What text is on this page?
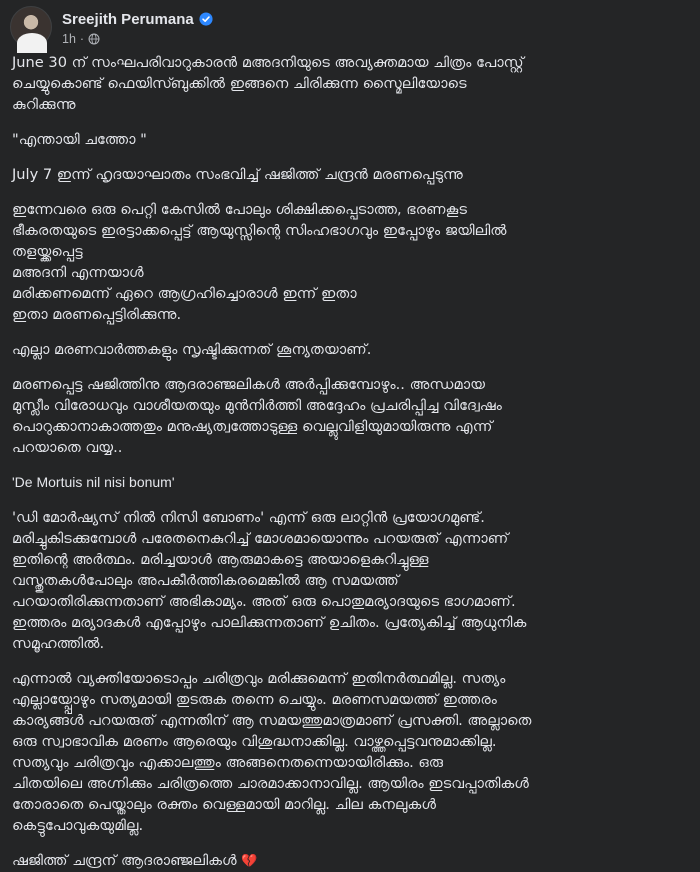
Sreejith Perumana
1h ·

June 30 ന് സംഘപരിവാറുകാരൻ മഅദനിയുടെ അവ്യക്തമായ ചിത്രം പോസ്റ്റ്
ചെയ്യുകൊണ്ട് ഫെയിസ്ബുക്കിൽ ഇങ്ങനെ ചിരിക്കുന്ന സ്മൈലിയോടെ
കുറിക്കുന്നു

"എന്തായി ചത്തോ "

July 7 ഇന്ന് ഹൃദയാഘാതം സംഭവിച്ച് ഷജിത്ത് ചന്ദ്രൻ മരണപ്പെടുന്നു

ഇന്നേവരെ ഒരു പെറ്റി കേസിൽ പോലും ശിക്ഷിക്കപ്പെടാത്ത, ഭരണകൂട
ഭീകരതയുടെ ഇരട്ടാക്കപ്പെട്ട് ആയുസ്സിന്റെ സിംഹഭാഗവും ഇപ്പോഴും ജയിലിൽ
തളയ്ക്കപ്പെട്ട
മഅദനി എന്നയാൾ
മരിക്കണമെന്ന് ഏറെ ആഗ്രഹിച്ചൊരാൾ ഇന്ന് ഇതാ
ഇതാ മരണപ്പെട്ടിരിക്കുന്നു.

എല്ലാ മരണവാർത്തകളും സൃഷ്ടിക്കുന്നത് ശൂന്യതയാണ്.

മരണപ്പെട്ട ഷജിത്തിനു ആദരാഞ്ജലികൾ അർപ്പിക്കുമ്പോഴും.. അന്ധമായ
മുസ്ലീം വിരോധവും വാശീയതയും മുൻനിർത്തി അദ്ദേഹം പ്രചരിപ്പിച്ച വിദ്വേഷം
പൊറുക്കാനാകാത്തതും മനുഷ്യത്വത്തോടുള്ള വെല്ലുവിളിയുമായിരുന്നു എന്ന്
പറയാതെ വയ്യ..

'De Mortuis nil nisi bonum'

'ഡി മോർഷ്യസ് നിൽ നിസി ബോണം' എന്ന് ഒരു ലാറ്റിൻ പ്രയോഗമുണ്ട്.
മരിച്ചുകിടക്കുമ്പോൾ പരേതനെകുറിച്ച് മോശമായൊന്നും പറയരുത് എന്നാണ്
ഇതിന്റെ അർത്ഥം. മരിച്ചയാൾ ആരുമാകട്ടെ അയാളെകുറിച്ചുള്ള
വസ്തുതകൾപോലും അപകീർത്തികരമെങ്കിൽ ആ സമയത്ത്
പറയാതിരിക്കുന്നതാണ് അഭികാമ്യം. അത് ഒരു പൊതുമര്യാദയുടെ ഭാഗമാണ്.
ഇത്തരം മര്യാദകൾ എപ്പോഴും പാലിക്കുന്നതാണ് ഉചിതം. പ്രത്യേകിച്ച് ആധുനിക
സമൂഹത്തിൽ.

എന്നാൽ വ്യക്തിയോടൊപ്പം ചരിത്രവും മരിക്കുമെന്ന് ഇതിനർത്ഥമില്ല. സത്യം
എല്ലായ്പ്പോഴും സത്യമായി തുടരുക തന്നെ ചെയ്യും. മരണസമയത്ത് ഇത്തരം
കാര്യങ്ങൾ പറയരുത് എന്നതിന് ആ സമയത്തുമാത്രമാണ് പ്രസക്തി. അല്ലാതെ
ഒരു സ്വാഭാവിക മരണം ആരെയും വിശുദ്ധനാക്കില്ല. വാഴ്ത്തപ്പെട്ടവനുമാക്കില്ല.
സത്യവും ചരിത്രവും എക്കാലത്തും അങ്ങനെതന്നെയായിരിക്കും. ഒരു
ചിതയിലെ അഗ്നിക്കും ചരിത്രത്തെ ചാരമാക്കാനാവില്ല. ആയിരം ഇടവപ്പാതികൾ
തോരാതെ പെയ്താലും രക്തം വെള്ളമായി മാറില്ല. ചില കനലുകൾ
കെട്ടുപോവുകയുമില്ല.

ഷജിത്ത് ചന്ദ്രന് ആദരാഞ്ജലികൾ 💔
